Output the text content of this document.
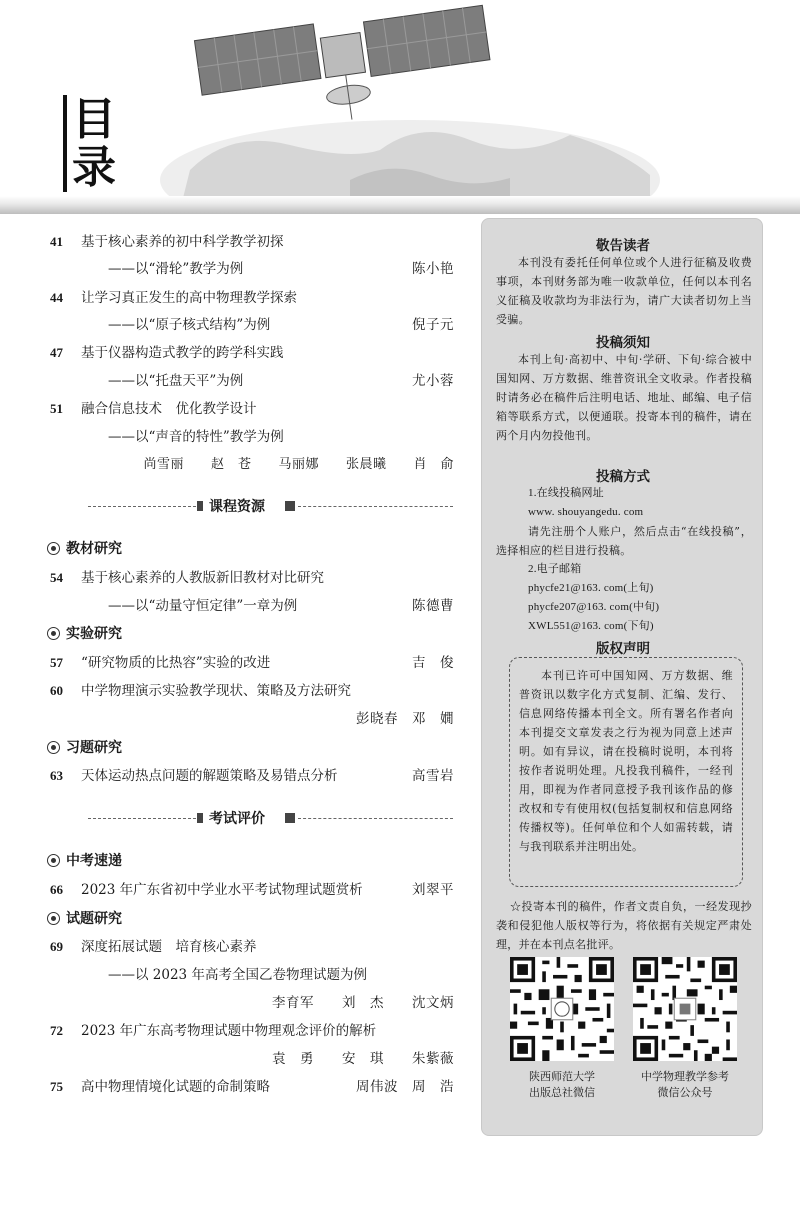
目
录
41 基于核心素养的初中科学教学初探
——以“滑轮”教学为例	陈小艳
44 让学习真正发生的高中物理教学探索
——以“原子核式结构”为例	倪子元
47 基于仪器构造式教学的跨学科实践
——以“托盘天平”为例	尤小蓉
51 融合信息技术　优化教学设计
——以“声音的特性”教学为例
尚雪丽　　赵　苍　　马丽娜　　张晨曦　　肖　俞
课程资源
教材研究
54 基于核心素养的人教版新旧教材对比研究
——以“动量守恒定律”一章为例	陈德曹
实验研究
57 “研究物质的比热容”实验的改进	吉　俊
60 中学物理演示实验教学现状、策略及方法研究
彭晓春　邓　嫺
习题研究
63 天体运动热点问题的解题策略及易错点分析	高雪岩
考试评价
中考速递
66 2023 年广东省初中学业水平考试物理试题赏析	刘翠平
试题研究
69 深度拓展试题　培育核心素养
——以 2023 年高考全国乙卷物理试题为例
李育军　　刘　杰　　沈文炳
72 2023 年广东高考物理试题中物理观念评价的解析
袁　勇　　安　琪　　朱紫薇
75 高中物理情境化试题的命制策略	周伟波　周　浩
敬告读者
本刊没有委托任何单位或个人进行征稿及收费事项，本刊财务部为唯一收款单位，任何以本刊名义征稿及收款均为非法行为，请广大读者切勿上当受骗。
投稿须知
本刊上旬·高初中、中旬·学研、下旬·综合被中国知网、万方数据、维普资讯全文收录。作者投稿时请务必在稿件后注明电话、地址、邮编、电子信箱等联系方式，以便通联。投寄本刊的稿件，请在两个月内勿投他刊。
投稿方式
1.在线投稿网址
www. shouyangedu. com
请先注册个人账户，然后点击“在线投稿”，选择相应的栏目进行投稿。
2.电子邮箱
phycfe21@163. com(上旬)
phycfe207@163. com(中旬)
XWL551@163. com(下旬)
版权声明
本刊已许可中国知网、万方数据、维普资讯以数字化方式复制、汇编、发行、信息网络传播本刊全文。所有署名作者向本刊提交文章发表之行为视为同意上述声明。如有异议，请在投稿时说明，本刊将按作者说明处理。凡投我刊稿件，一经刊用，即视为作者同意授予我刊该作品的修改权和专有使用权(包括复制权和信息网络传播权等)。任何单位和个人如需转载，请与我刊联系并注明出处。
☆投寄本刊的稿件，作者文责自负，一经发现抄袭和侵犯他人版权等行为，将依据有关规定严肃处理，并在本刊点名批评。
陕西师范大学
出版总社微信
中学物理教学参考
微信公众号
